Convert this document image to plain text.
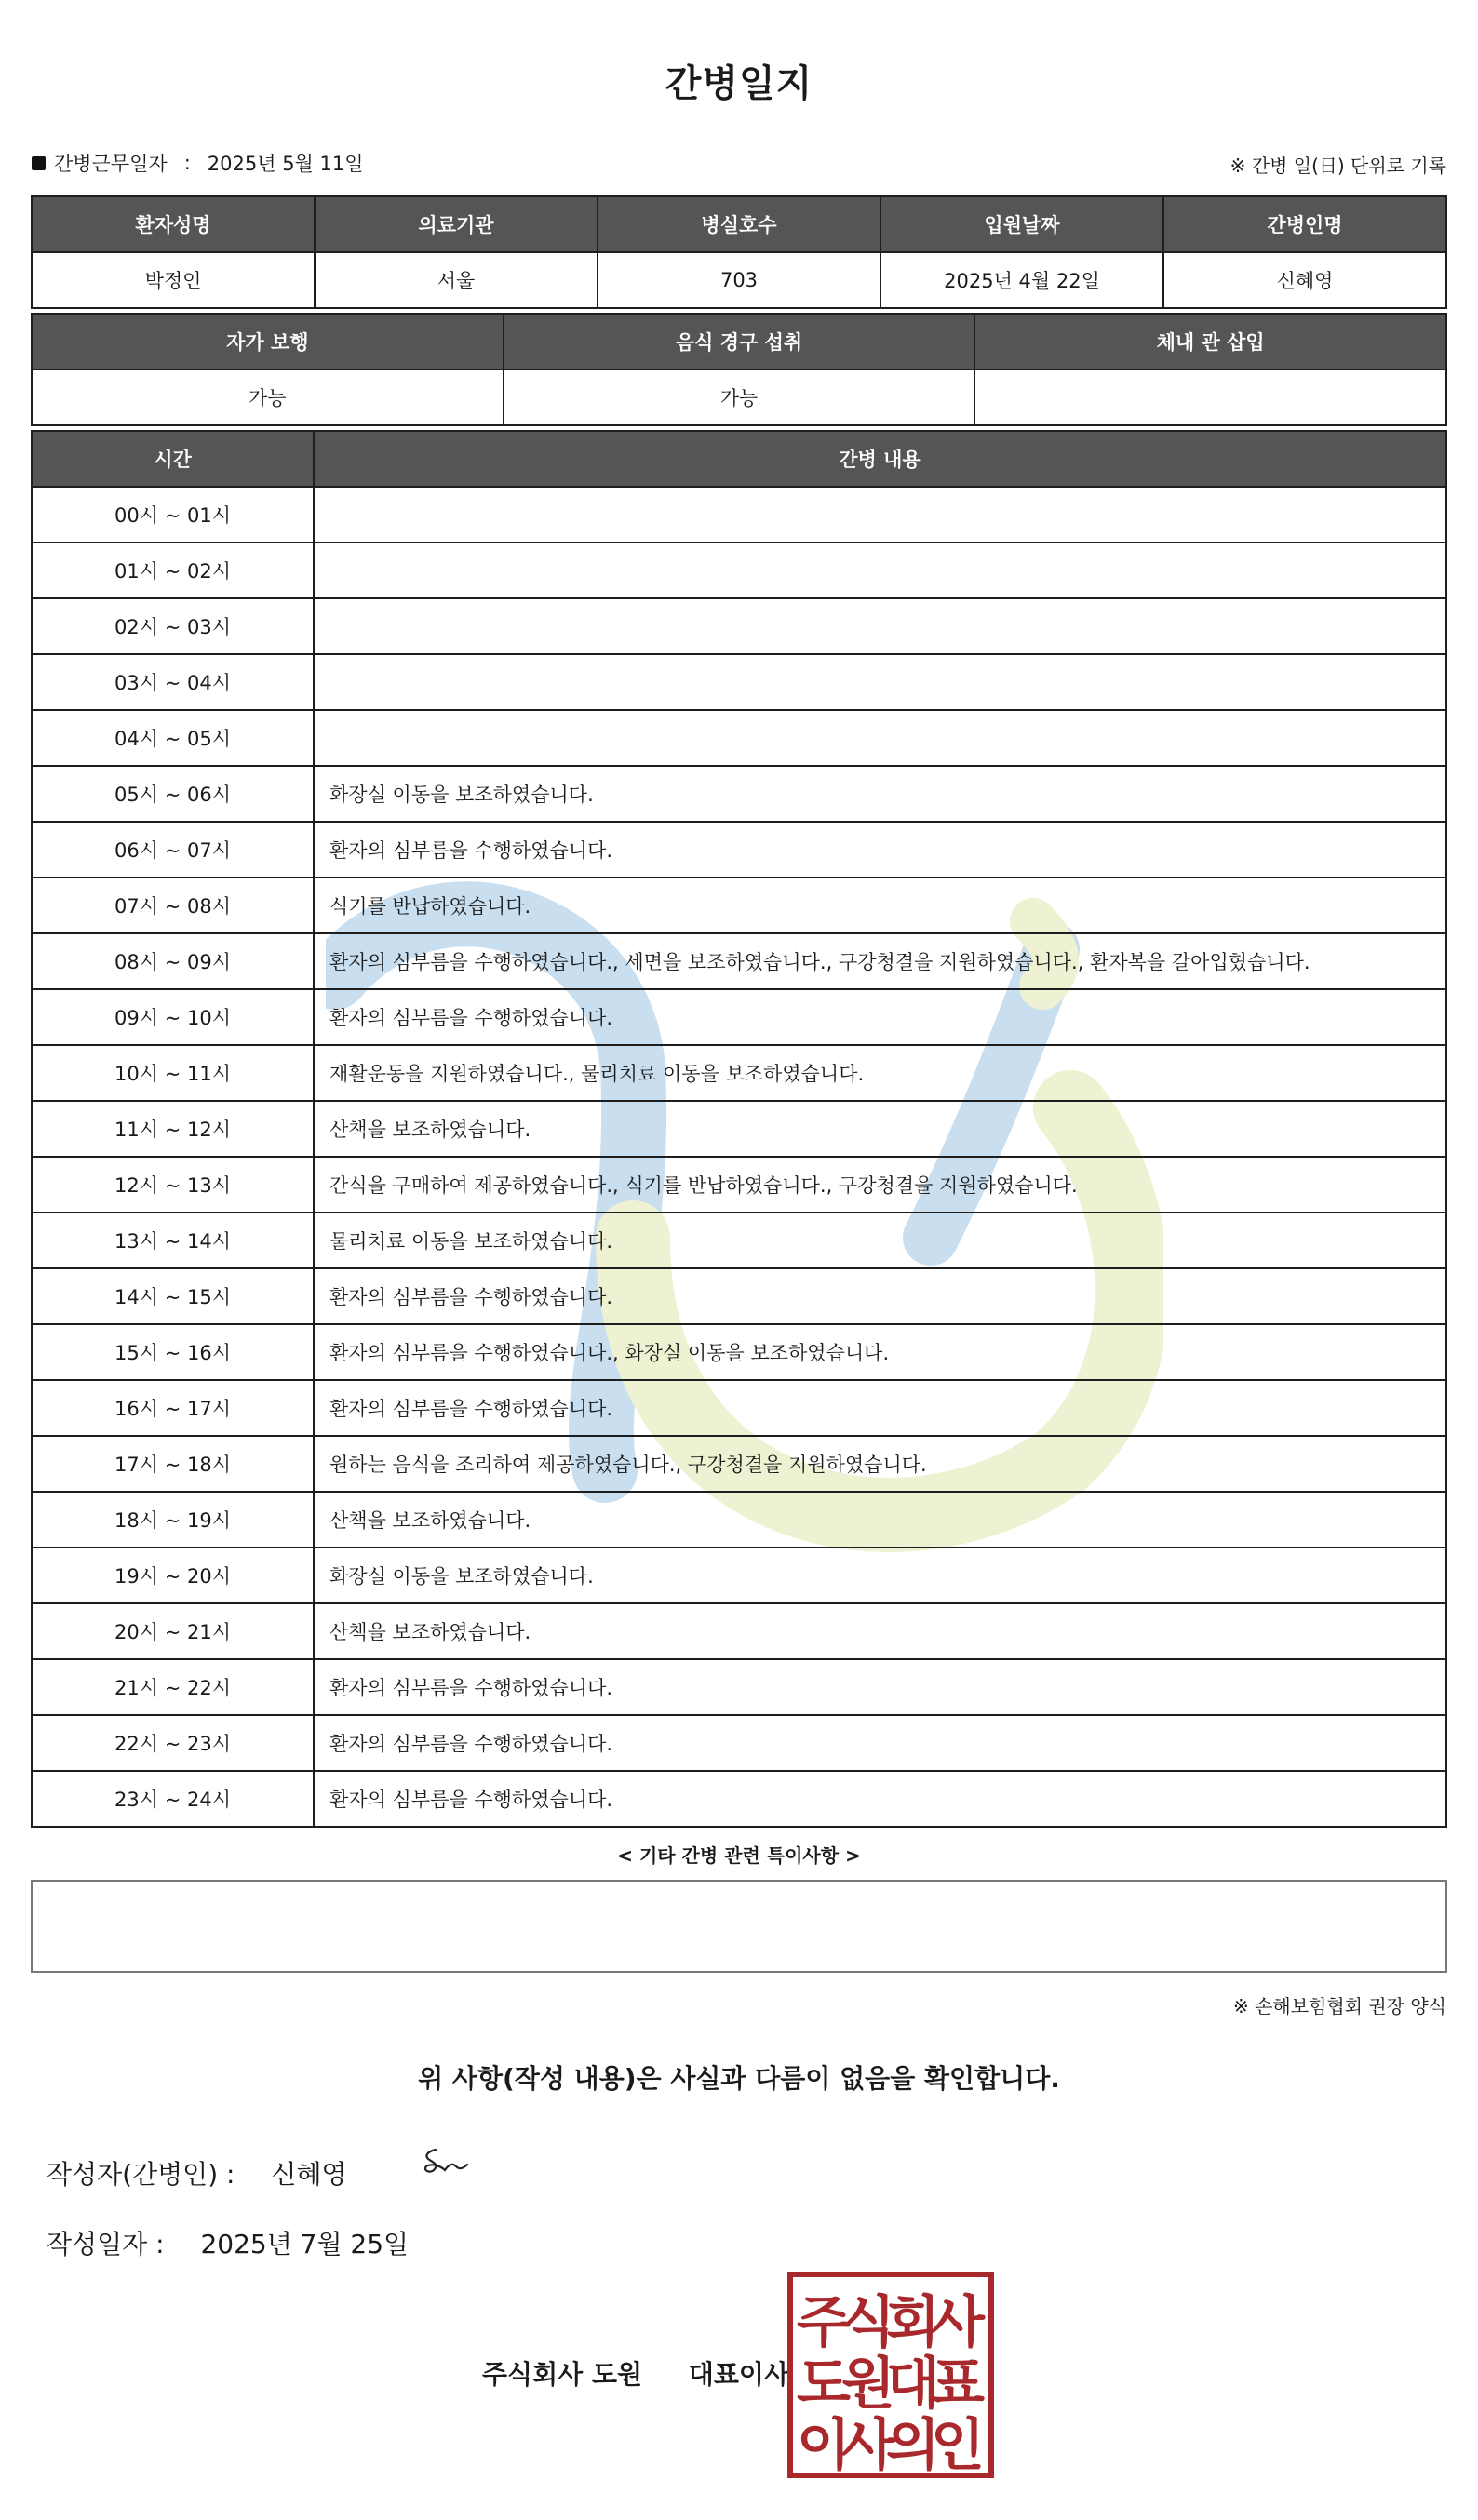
간병일지
간병근무일자 : 2025년 5월 11일	※ 간병 일(日) 단위로 기록
환자성명	의료기관	병실호수	입원날짜	간병인명
박정인	서울	703	2025년 4월 22일	신혜영
자가 보행	음식 경구 섭취	체내 관 삽입
가능	가능	
시간	간병 내용
00시 ~ 01시	
01시 ~ 02시	
02시 ~ 03시	
03시 ~ 04시	
04시 ~ 05시	
05시 ~ 06시	화장실 이동을 보조하였습니다.
06시 ~ 07시	환자의 심부름을 수행하였습니다.
07시 ~ 08시	식기를 반납하였습니다.
08시 ~ 09시	환자의 심부름을 수행하였습니다., 세면을 보조하였습니다., 구강청결을 지원하였습니다., 환자복을 갈아입혔습니다.
09시 ~ 10시	환자의 심부름을 수행하였습니다.
10시 ~ 11시	재활운동을 지원하였습니다., 물리치료 이동을 보조하였습니다.
11시 ~ 12시	산책을 보조하였습니다.
12시 ~ 13시	간식을 구매하여 제공하였습니다., 식기를 반납하였습니다., 구강청결을 지원하였습니다.
13시 ~ 14시	물리치료 이동을 보조하였습니다.
14시 ~ 15시	환자의 심부름을 수행하였습니다.
15시 ~ 16시	환자의 심부름을 수행하였습니다., 화장실 이동을 보조하였습니다.
16시 ~ 17시	환자의 심부름을 수행하였습니다.
17시 ~ 18시	원하는 음식을 조리하여 제공하였습니다., 구강청결을 지원하였습니다.
18시 ~ 19시	산책을 보조하였습니다.
19시 ~ 20시	화장실 이동을 보조하였습니다.
20시 ~ 21시	산책을 보조하였습니다.
21시 ~ 22시	환자의 심부름을 수행하였습니다.
22시 ~ 23시	환자의 심부름을 수행하였습니다.
23시 ~ 24시	환자의 심부름을 수행하였습니다.
< 기타 간병 관련 특이사항 >
※ 손해보험협회 권장 양식
위 사항(작성 내용)은 사실과 다름이 없음을 확인합니다.
작성자(간병인) : 신혜영
작성일자 : 2025년 7월 25일
주식회사 도원 대표이사
주
식
회
사
도
원
대
표
이
사
의
인
